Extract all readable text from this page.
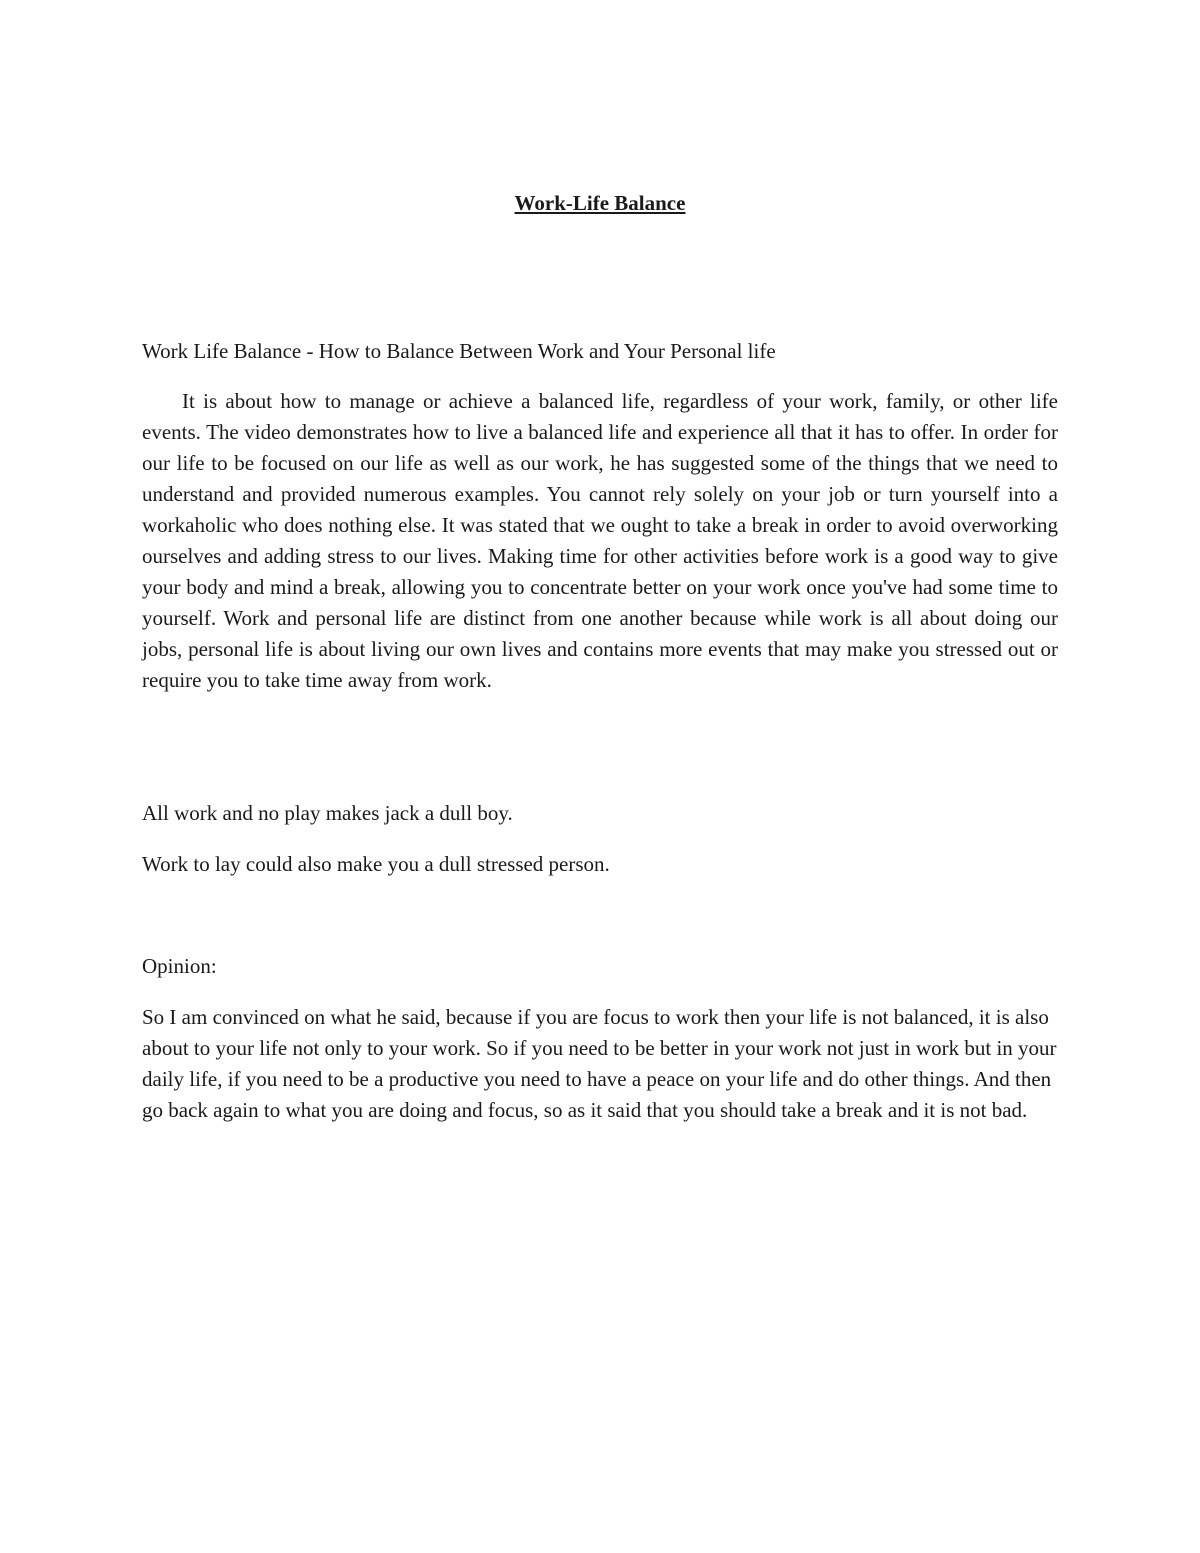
Work-Life Balance

Work Life Balance - How to Balance Between Work and Your Personal life

It is about how to manage or achieve a balanced life, regardless of your work, family, or other life events. The video demonstrates how to live a balanced life and experience all that it has to offer. In order for our life to be focused on our life as well as our work, he has suggested some of the things that we need to understand and provided numerous examples. You cannot rely solely on your job or turn yourself into a workaholic who does nothing else. It was stated that we ought to take a break in order to avoid overworking ourselves and adding stress to our lives. Making time for other activities before work is a good way to give your body and mind a break, allowing you to concentrate better on your work once you've had some time to yourself. Work and personal life are distinct from one another because while work is all about doing our jobs, personal life is about living our own lives and contains more events that may make you stressed out or require you to take time away from work.

All work and no play makes jack a dull boy.

Work to lay could also make you a dull stressed person.

Opinion:

So I am convinced on what he said, because if you are focus to work then your life is not balanced, it is also about to your life not only to your work. So if you need to be better in your work not just in work but in your daily life, if you need to be a productive you need to have a peace on your life and do other things. And then go back again to what you are doing and focus, so as it said that you should take a break and it is not bad.
